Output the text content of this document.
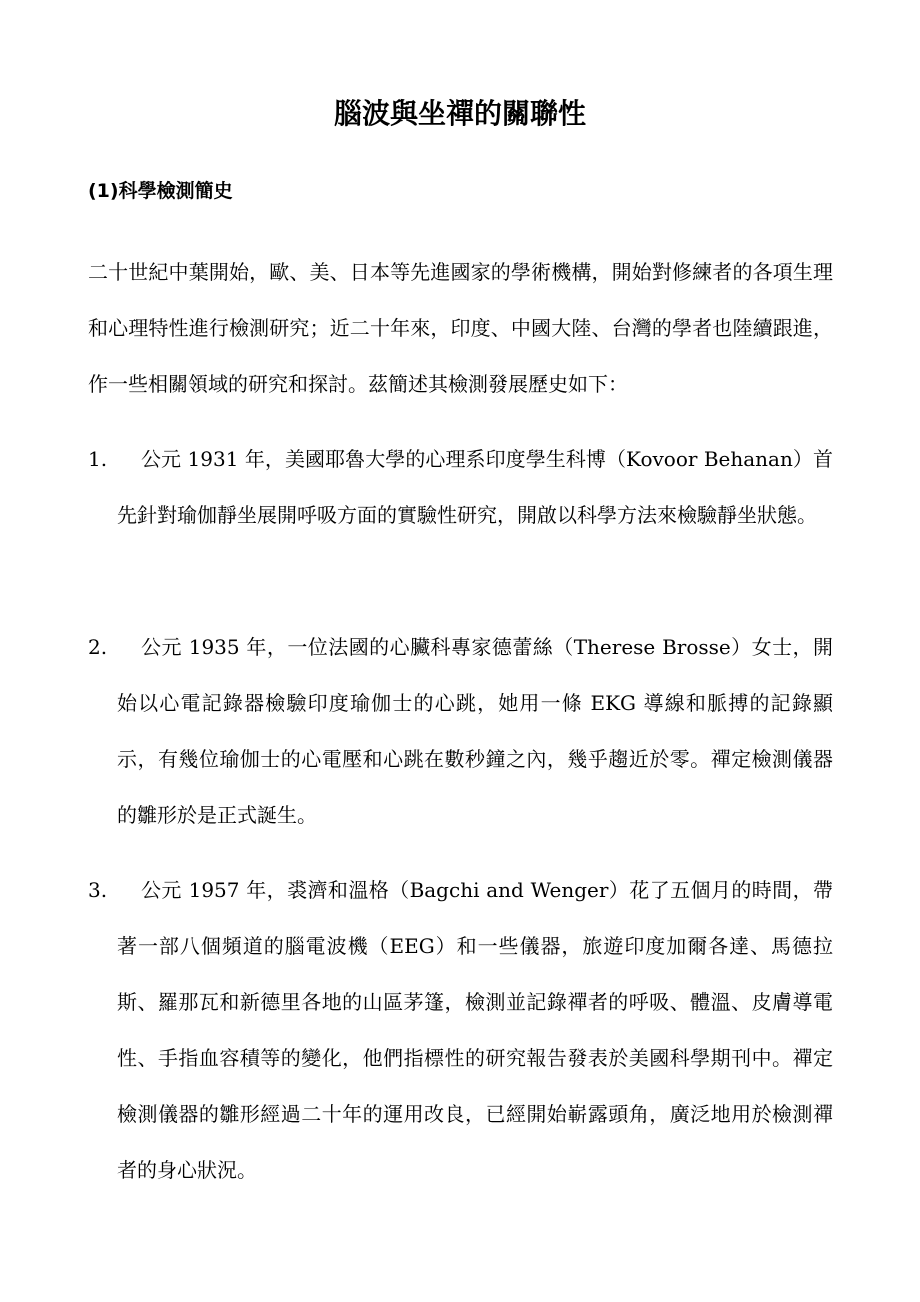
腦波與坐禪的關聯性
(1)科學檢測簡史

二十世紀中葉開始，歐、美、日本等先進國家的學術機構，開始對修練者的各項生理和心理特性進行檢測研究；近二十年來，印度、中國大陸、台灣的學者也陸續跟進，作一些相關領域的研究和探討。茲簡述其檢測發展歷史如下：

1.	公元 1931 年，美國耶魯大學的心理系印度學生科博（Kovoor Behanan）首先針對瑜伽靜坐展開呼吸方面的實驗性研究，開啟以科學方法來檢驗靜坐狀態。
2.	公元 1935 年，一位法國的心臟科專家德蕾絲（Therese Brosse）女士，開始以心電記錄器檢驗印度瑜伽士的心跳，她用一條 EKG 導線和脈搏的記錄顯示，有幾位瑜伽士的心電壓和心跳在數秒鐘之內，幾乎趨近於零。禪定檢測儀器的雛形於是正式誕生。
3.	公元 1957 年，裘濟和溫格（Bagchi and Wenger）花了五個月的時間，帶著一部八個頻道的腦電波機（EEG）和一些儀器，旅遊印度加爾各達、馬德拉斯、羅那瓦和新德里各地的山區茅篷，檢測並記錄禪者的呼吸、體溫、皮膚導電性、手指血容積等的變化，他們指標性的研究報告發表於美國科學期刊中。禪定檢測儀器的雛形經過二十年的運用改良，已經開始嶄露頭角，廣泛地用於檢測禪者的身心狀況。
